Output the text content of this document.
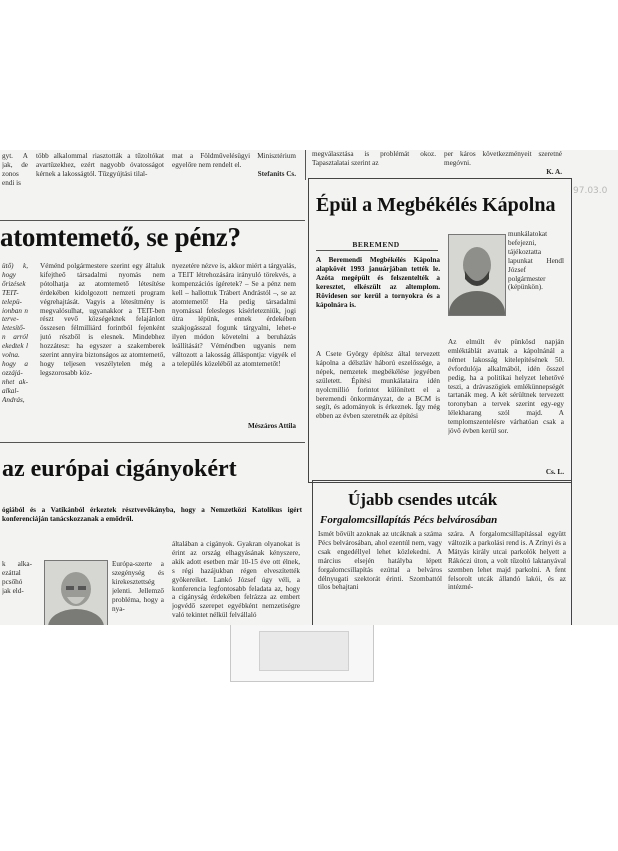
gyt. A jak, de zonos endi is

több alkalommal riasztották a tűzoltókat avartüzekhez, ezért nagyobb óvatosságot kérnek a lakosságtól. Tűzgyújtási tilal-

mat a Földművelésügyi Minisztérium egyelőre nem rendelt el.

Stefanits Cs.

megválasztása is problémát okoz. Tapasztalatai szerint az

per káros következményeit szeretné megóvni.

K. A.
97.03.0
atomtemető, se pénz?

ütő) k, hogy őrizések TEIT- telepü- ionban n terve- letesítő- n arról ekedtek l volna. hogy a ozzájá- nhet ak- alkal- András,

Véménd polgármestere szerint egy általuk kifejtheő társadalmi nyomás nem pótolhatja az atomtemető létesítése érdekében kidolgozott nemzeti program végrehajtását. Vagyis a létesítmény is megvalósulhat, ugyanakkor a TEIT-ben részt vevő községeknek felajánlott összesen félmilliárd forintból fejenként jutó részből is elesnek. Mindebhez hozzátesz: ha egyszer a szakemberek szerint annyira biztonságos az atomtemető, hogy teljesen veszélytelen még a legszorosabb köz-

nyezetére nézve is, akkor miért a tárgyalás, a TEIT létrehozására irányuló törekvés, a kompenzációs ígéretek? – Se a pénz nem kell – hallottuk Trábert Andrástól –, se az atomtemető! Ha pedig társadalmi nyomással felesleges kísérletezniük, jogi útra lépünk, ennek érdekében szakjogásszal fogunk tárgyalni, lehet-e ilyen módon követelni a beruházás leállítását? Véméndben ugyanis nem változott a lakosság álláspontja: vigyék el a település közeléből az atomtemetőt!

Mészáros Attila
az európai cigányokért

ógiából és a Vatikánból érkeztek résztvevőkányba, hogy a Nemzetközi Katolikus igért konferenciáján tanácskozzanak a emődről.

k alka- ezáttal pcsőhó jak eld-

Európa-szerte a szegénység és kirekesztettség jelenti. Jellemző probléma, hogy a nya-

általában a cigányok. Gyakran olyanokat is érint az ország elhagyásának kényszere, akik adott esetben már 10-15 éve ott élnek, s régi hazájukban régen elveszítették gyökereiket. Lankó József úgy véli, a konferencia legfontosabb feladata az, hogy a cigányság érdekében felrázza az embert jogvédő szerepet egyébként nemzetiségre való tekintet nélkül felvállaló

Épül a Megbékélés Kápolna
BEREMEND

A Beremendi Megbékélés Kápolna alapkövét 1993 januárjában tették le. Azóta megépült és felszentelték a keresztet, elkészült az altemplom. Rövidesen sor kerül a tornyokra és a kápolnára is.

A Csete György építész által tervezett kápolna a délszláv háború eszelőssége, a népek, nemzetek megbékélése jegyében született. Építési munkálataira idén nyolcmillió forintot különített el a beremendi önkormányzat, de a BCM is segít, és adományok is érkeznek. Így még ebben az évben szeretnék az építési

munkálatokat befejezni, tájékoztatta lapunkat Hendl József polgármester (képünkön).

Az elmúlt év pünkösd napján emléktáblát avattak a kápolnánál a német lakosság kitelepítésének 50. évfordulója alkalmából, idén ősszel pedig, ha a politikai helyzet lehetővé teszi, a drávaszögiek emlékünnepségét tartanák meg. A két sérültnek tervezett toronyban a tervek szerint egy-egy lélekharang szól majd. A templomszentelésre várhatóan csak a jövő évben kerül sor.

Cs. L.
Újabb csendes utcák
Forgalomcsillapítás Pécs belvárosában

Ismét bővült azoknak az utcáknak a száma Pécs belvárosában, ahol ezentúl nem, vagy csak engedéllyel lehet közlekedni. A március elsején hatályba lépett forgalomcsillapítás ezúttal a belváros délnyugati szektorát érinti. Szombattól tilos behajtani

szára. A forgalomcsillapítással együtt változik a parkolási rend is. A Zrínyi és a Mátyás király utcai parkolók helyett a Rákóczi úton, a volt tűzoltó laktanyával szemben lehet majd parkolni. A fent felsorolt utcák állandó lakói, és az intézmé-
